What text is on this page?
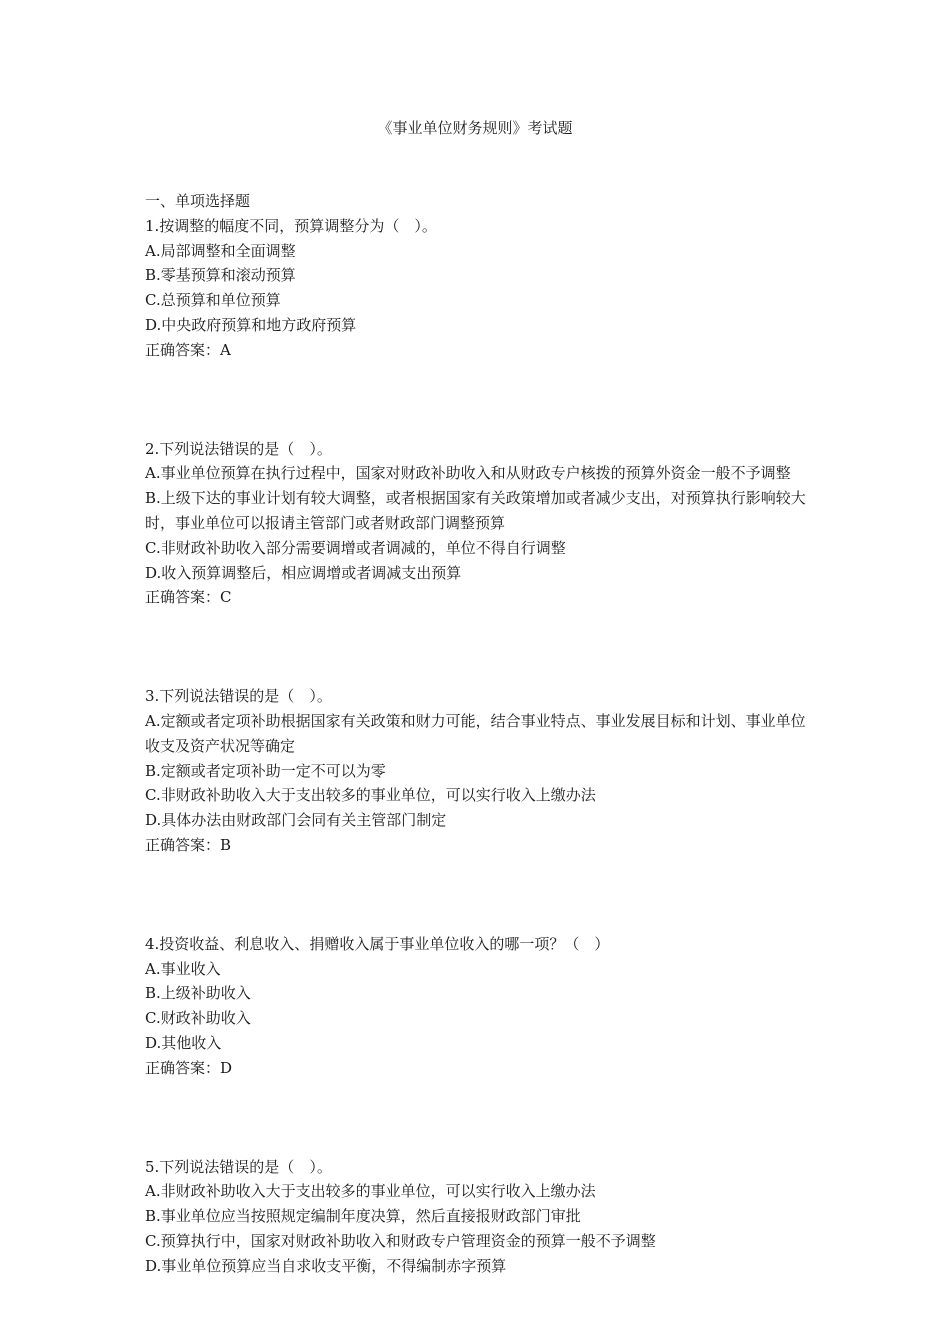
《事业单位财务规则》考试题

一、单项选择题

1.按调整的幅度不同，预算调整分为（　）。

A.局部调整和全面调整

B.零基预算和滚动预算

C.总预算和单位预算

D.中央政府预算和地方政府预算

正确答案：A

2.下列说法错误的是（　）。

A.事业单位预算在执行过程中，国家对财政补助收入和从财政专户核拨的预算外资金一般不予调整

B.上级下达的事业计划有较大调整，或者根据国家有关政策增加或者减少支出，对预算执行影响较大时，事业单位可以报请主管部门或者财政部门调整预算

C.非财政补助收入部分需要调增或者调减的，单位不得自行调整

D.收入预算调整后，相应调增或者调减支出预算

正确答案：C

3.下列说法错误的是（　）。

A.定额或者定项补助根据国家有关政策和财力可能，结合事业特点、事业发展目标和计划、事业单位收支及资产状况等确定

B.定额或者定项补助一定不可以为零

C.非财政补助收入大于支出较多的事业单位，可以实行收入上缴办法

D.具体办法由财政部门会同有关主管部门制定

正确答案：B

4.投资收益、利息收入、捐赠收入属于事业单位收入的哪一项？（　）

A.事业收入

B.上级补助收入

C.财政补助收入

D.其他收入

正确答案：D

5.下列说法错误的是（　）。

A.非财政补助收入大于支出较多的事业单位，可以实行收入上缴办法

B.事业单位应当按照规定编制年度决算，然后直接报财政部门审批

C.预算执行中，国家对财政补助收入和财政专户管理资金的预算一般不予调整

D.事业单位预算应当自求收支平衡，不得编制赤字预算
